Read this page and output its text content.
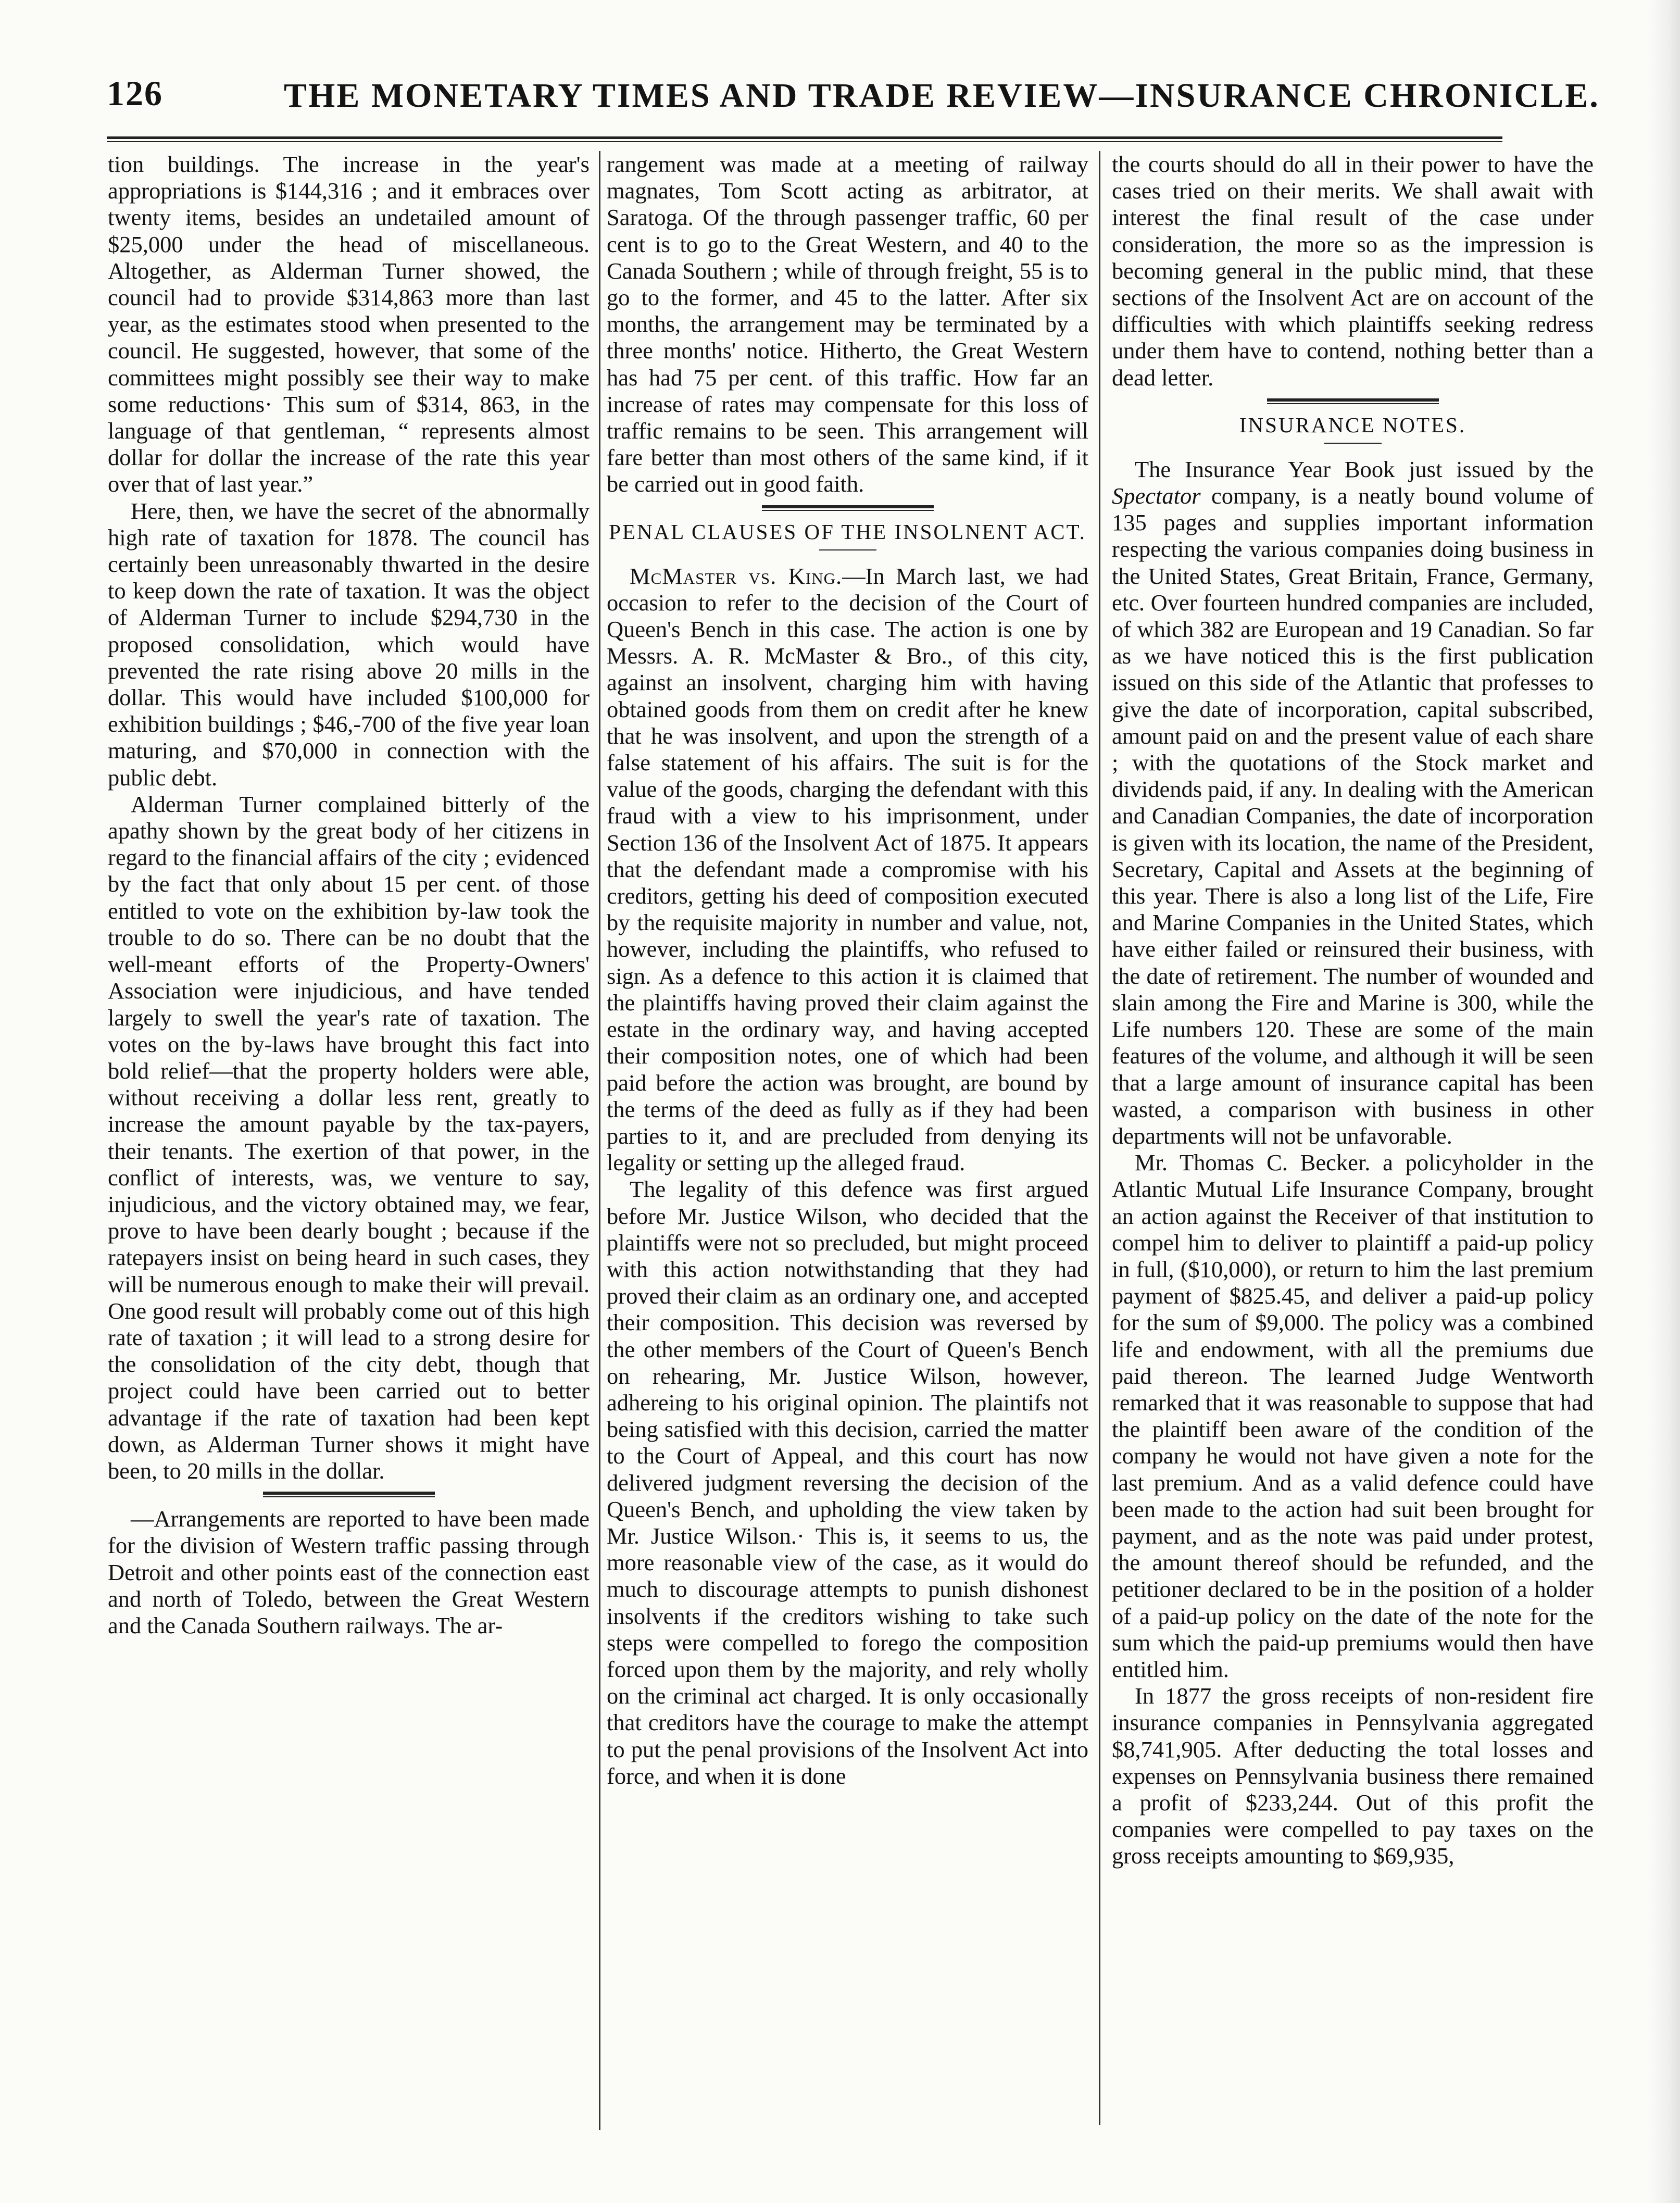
126	THE MONETARY TIMES AND TRADE REVIEW—INSURANCE CHRONICLE.

tion buildings. The increase in the year's appropriations is $144,316 ; and it embraces over twenty items, besides an undetailed amount of $25,000 under the head of miscellaneous. Altogether, as Alderman Turner showed, the council had to provide $314,863 more than last year, as the estimates stood when presented to the council. He suggested, however, that some of the committees might possibly see their way to make some reductions· This sum of $314, 863, in the language of that gentleman, “ represents almost dollar for dollar the increase of the rate this year over that of last year.”

Here, then, we have the secret of the abnormally high rate of taxation for 1878. The council has certainly been unreasonably thwarted in the desire to keep down the rate of taxation. It was the object of Alderman Turner to include $294,730 in the proposed consolidation, which would have prevented the rate rising above 20 mills in the dollar. This would have included $100,000 for exhibition buildings ; $46,-700 of the five year loan maturing, and $70,000 in connection with the public debt.

Alderman Turner complained bitterly of the apathy shown by the great body of her citizens in regard to the financial affairs of the city ; evidenced by the fact that only about 15 per cent. of those entitled to vote on the exhibition by-law took the trouble to do so. There can be no doubt that the well-meant efforts of the Property-Owners' Association were injudicious, and have tended largely to swell the year's rate of taxation. The votes on the by-laws have brought this fact into bold relief—that the property holders were able, without receiving a dollar less rent, greatly to increase the amount payable by the tax-payers, their tenants. The exertion of that power, in the conflict of interests, was, we venture to say, injudicious, and the victory obtained may, we fear, prove to have been dearly bought ; because if the ratepayers insist on being heard in such cases, they will be numerous enough to make their will prevail. One good result will probably come out of this high rate of taxation ; it will lead to a strong desire for the consolidation of the city debt, though that project could have been carried out to better advantage if the rate of taxation had been kept down, as Alderman Turner shows it might have been, to 20 mills in the dollar.

—Arrangements are reported to have been made for the division of Western traffic passing through Detroit and other points east of the connection east and north of Toledo, between the Great Western and the Canada Southern railways. The ar-

rangement was made at a meeting of railway magnates, Tom Scott acting as arbitrator, at Saratoga. Of the through passenger traffic, 60 per cent is to go to the Great Western, and 40 to the Canada Southern ; while of through freight, 55 is to go to the former, and 45 to the latter. After six months, the arrangement may be terminated by a three months' notice. Hitherto, the Great Western has had 75 per cent. of this traffic. How far an increase of rates may compensate for this loss of traffic remains to be seen. This arrangement will fare better than most others of the same kind, if it be carried out in good faith.

PENAL CLAUSES OF THE INSOLNENT ACT.

McMaster vs. King.—In March last, we had occasion to refer to the decision of the Court of Queen's Bench in this case. The action is one by Messrs. A. R. McMaster & Bro., of this city, against an insolvent, charging him with having obtained goods from them on credit after he knew that he was insolvent, and upon the strength of a false statement of his affairs. The suit is for the value of the goods, charging the defendant with this fraud with a view to his imprisonment, under Section 136 of the Insolvent Act of 1875. It appears that the defendant made a compromise with his creditors, getting his deed of composition executed by the requisite majority in number and value, not, however, including the plaintiffs, who refused to sign. As a defence to this action it is claimed that the plaintiffs having proved their claim against the estate in the ordinary way, and having accepted their composition notes, one of which had been paid before the action was brought, are bound by the terms of the deed as fully as if they had been parties to it, and are precluded from denying its legality or setting up the alleged fraud.

The legality of this defence was first argued before Mr. Justice Wilson, who decided that the plaintiffs were not so precluded, but might proceed with this action notwithstanding that they had proved their claim as an ordinary one, and accepted their composition. This decision was reversed by the other members of the Court of Queen's Bench on rehearing, Mr. Justice Wilson, however, adhereing to his original opinion. The plaintifs not being satisfied with this decision, carried the matter to the Court of Appeal, and this court has now delivered judgment reversing the decision of the Queen's Bench, and upholding the view taken by Mr. Justice Wilson.· This is, it seems to us, the more reasonable view of the case, as it would do much to discourage attempts to punish dishonest insolvents if the creditors wishing to take such steps were compelled to forego the composition forced upon them by the majority, and rely wholly on the criminal act charged. It is only occasionally that creditors have the courage to make the attempt to put the penal provisions of the Insolvent Act into force, and when it is done

the courts should do all in their power to have the cases tried on their merits. We shall await with interest the final result of the case under consideration, the more so as the impression is becoming general in the public mind, that these sections of the Insolvent Act are on account of the difficulties with which plaintiffs seeking redress under them have to contend, nothing better than a dead letter.

INSURANCE NOTES.

The Insurance Year Book just issued by the Spectator company, is a neatly bound volume of 135 pages and supplies important information respecting the various companies doing business in the United States, Great Britain, France, Germany, etc. Over fourteen hundred companies are included, of which 382 are European and 19 Canadian. So far as we have noticed this is the first publication issued on this side of the Atlantic that professes to give the date of incorporation, capital subscribed, amount paid on and the present value of each share ; with the quotations of the Stock market and dividends paid, if any. In dealing with the American and Canadian Companies, the date of incorporation is given with its location, the name of the President, Secretary, Capital and Assets at the beginning of this year. There is also a long list of the Life, Fire and Marine Companies in the United States, which have either failed or reinsured their business, with the date of retirement. The number of wounded and slain among the Fire and Marine is 300, while the Life numbers 120. These are some of the main features of the volume, and although it will be seen that a large amount of insurance capital has been wasted, a comparison with business in other departments will not be unfavorable.

Mr. Thomas C. Becker. a policyholder in the Atlantic Mutual Life Insurance Company, brought an action against the Receiver of that institution to compel him to deliver to plaintiff a paid-up policy in full, ($10,000), or return to him the last premium payment of $825.45, and deliver a paid-up policy for the sum of $9,000. The policy was a combined life and endowment, with all the premiums due paid thereon. The learned Judge Wentworth remarked that it was reasonable to suppose that had the plaintiff been aware of the condition of the company he would not have given a note for the last premium. And as a valid defence could have been made to the action had suit been brought for payment, and as the note was paid under protest, the amount thereof should be refunded, and the petitioner declared to be in the position of a holder of a paid-up policy on the date of the note for the sum which the paid-up premiums would then have entitled him.

In 1877 the gross receipts of non-resident fire insurance companies in Pennsylvania aggregated $8,741,905. After deducting the total losses and expenses on Pennsylvania business there remained a profit of $233,244. Out of this profit the companies were compelled to pay taxes on the gross receipts amounting to $69,935,
